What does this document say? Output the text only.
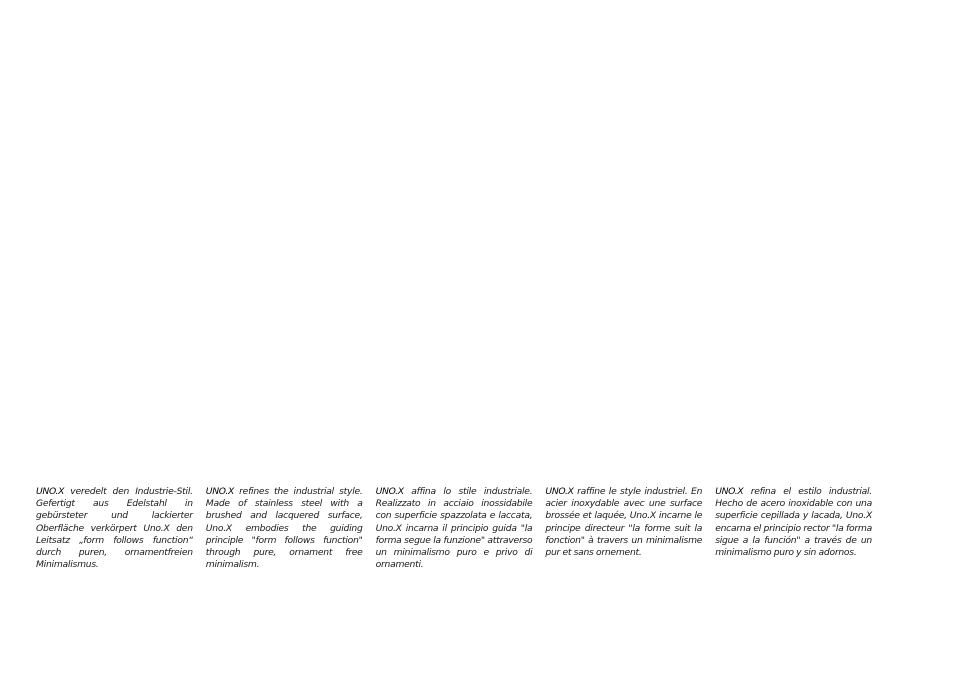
UNO.X veredelt den Industrie-Stil. Gefertigt aus Edelstahl in gebürsteter und lackierter Oberfläche verkörpert Uno.X den Leitsatz „form follows function“ durch puren, ornamentfreien Minimalismus.

UNO.X refines the industrial style. Made of stainless steel with a brushed and lacquered surface, Uno.X embodies the guiding principle "form follows function" through pure, ornament free minimalism.

UNO.X affina lo stile industriale. Realizzato in acciaio inossidabile con superficie spazzolata e laccata, Uno.X incarna il principio guida "la forma segue la funzione" attraverso un minimalismo puro e privo di ornamenti.

UNO.X raffine le style industriel. En acier inoxydable avec une surface brossée et laquée, Uno.X incarne le principe directeur "la forme suit la fonction" à travers un minimalisme pur et sans ornement.

UNO.X refina el estilo industrial. Hecho de acero inoxidable con una superficie cepillada y lacada, Uno.X encarna el principio rector "la forma sigue a la función" a través de un minimalismo puro y sin adornos.
